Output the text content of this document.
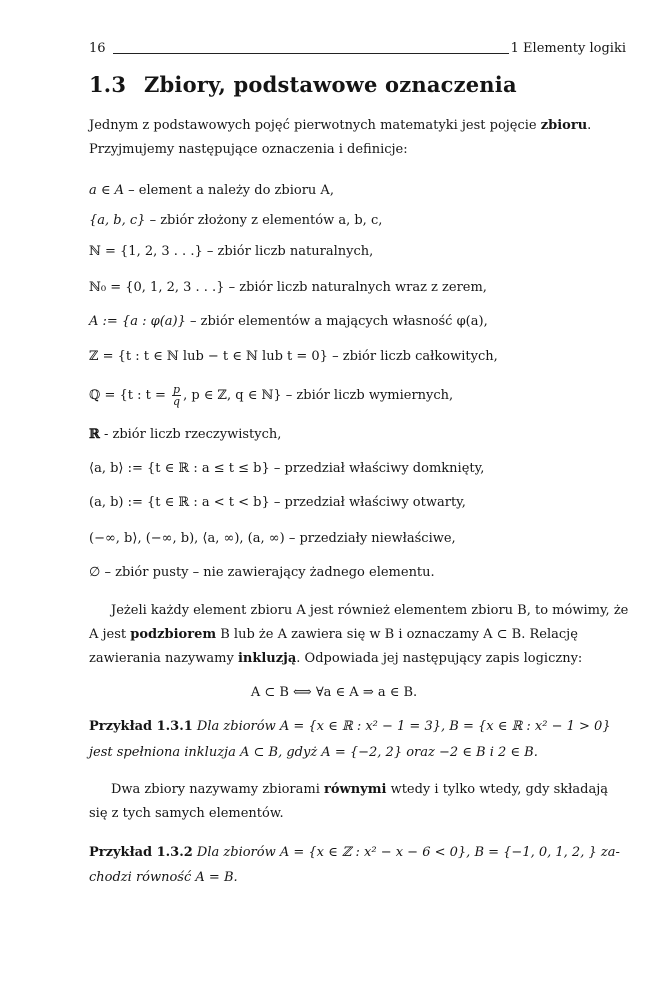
16	1 Elementy logiki
1.3 Zbiory, podstawowe oznaczenia
Jednym z podstawowych pojęć pierwotnych matematyki jest pojęcie zbioru. Przyjmujemy następujące oznaczenia i definicje:
a ∈ A – element a należy do zbioru A,
{a, b, c} – zbiór złożony z elementów a, b, c,
ℕ = {1, 2, 3 . . .} – zbiór liczb naturalnych,
ℕ₀ = {0, 1, 2, 3 . . .} – zbiór liczb naturalnych wraz z zerem,
A := {a : φ(a)} – zbiór elementów a mających własność φ(a),
ℤ = {t : t ∈ ℕ lub − t ∈ ℕ lub t = 0} – zbiór liczb całkowitych,
ℚ = {t : $t = \frac{p}{q}$ , p ∈ ℤ, q ∈ ℕ} – zbiór liczb wymiernych,
ℝ - zbiór liczb rzeczywistych,
⟨a, b⟩ := {t ∈ ℝ : a ≤ t ≤ b} – przedział właściwy domknięty,
(a, b) := {t ∈ ℝ : a < t < b} – przedział właściwy otwarty,
(−∞, b⟩, (−∞, b), ⟨a, ∞), (a, ∞) – przedziały niewłaściwe,
∅ – zbiór pusty – nie zawierający żadnego elementu.
Jeżeli każdy element zbioru A jest również elementem zbioru B, to mówimy, że A jest podzbiorem B lub że A zawiera się w B i oznaczamy A ⊂ B. Relację zawierania nazywamy inkluzją. Odpowiada jej następujący zapis logiczny:
A ⊂ B ⟺ ∀a ∈ A ⇒ a ∈ B.
Przykład 1.3.1 Dla zbiorów A = {x ∈ ℝ : x² − 1 = 3}, B = {x ∈ ℝ : x² − 1 > 0}
jest spełniona inkluzja A ⊂ B, gdyż A = {−2, 2} oraz −2 ∈ B i 2 ∈ B.
Dwa zbiory nazywamy zbiorami równymi wtedy i tylko wtedy, gdy składają się z tych samych elementów.
Przykład 1.3.2 Dla zbiorów A = {x ∈ ℤ : x² − x − 6 < 0}, B = {−1, 0, 1, 2, } za-
chodzi równość A = B.
